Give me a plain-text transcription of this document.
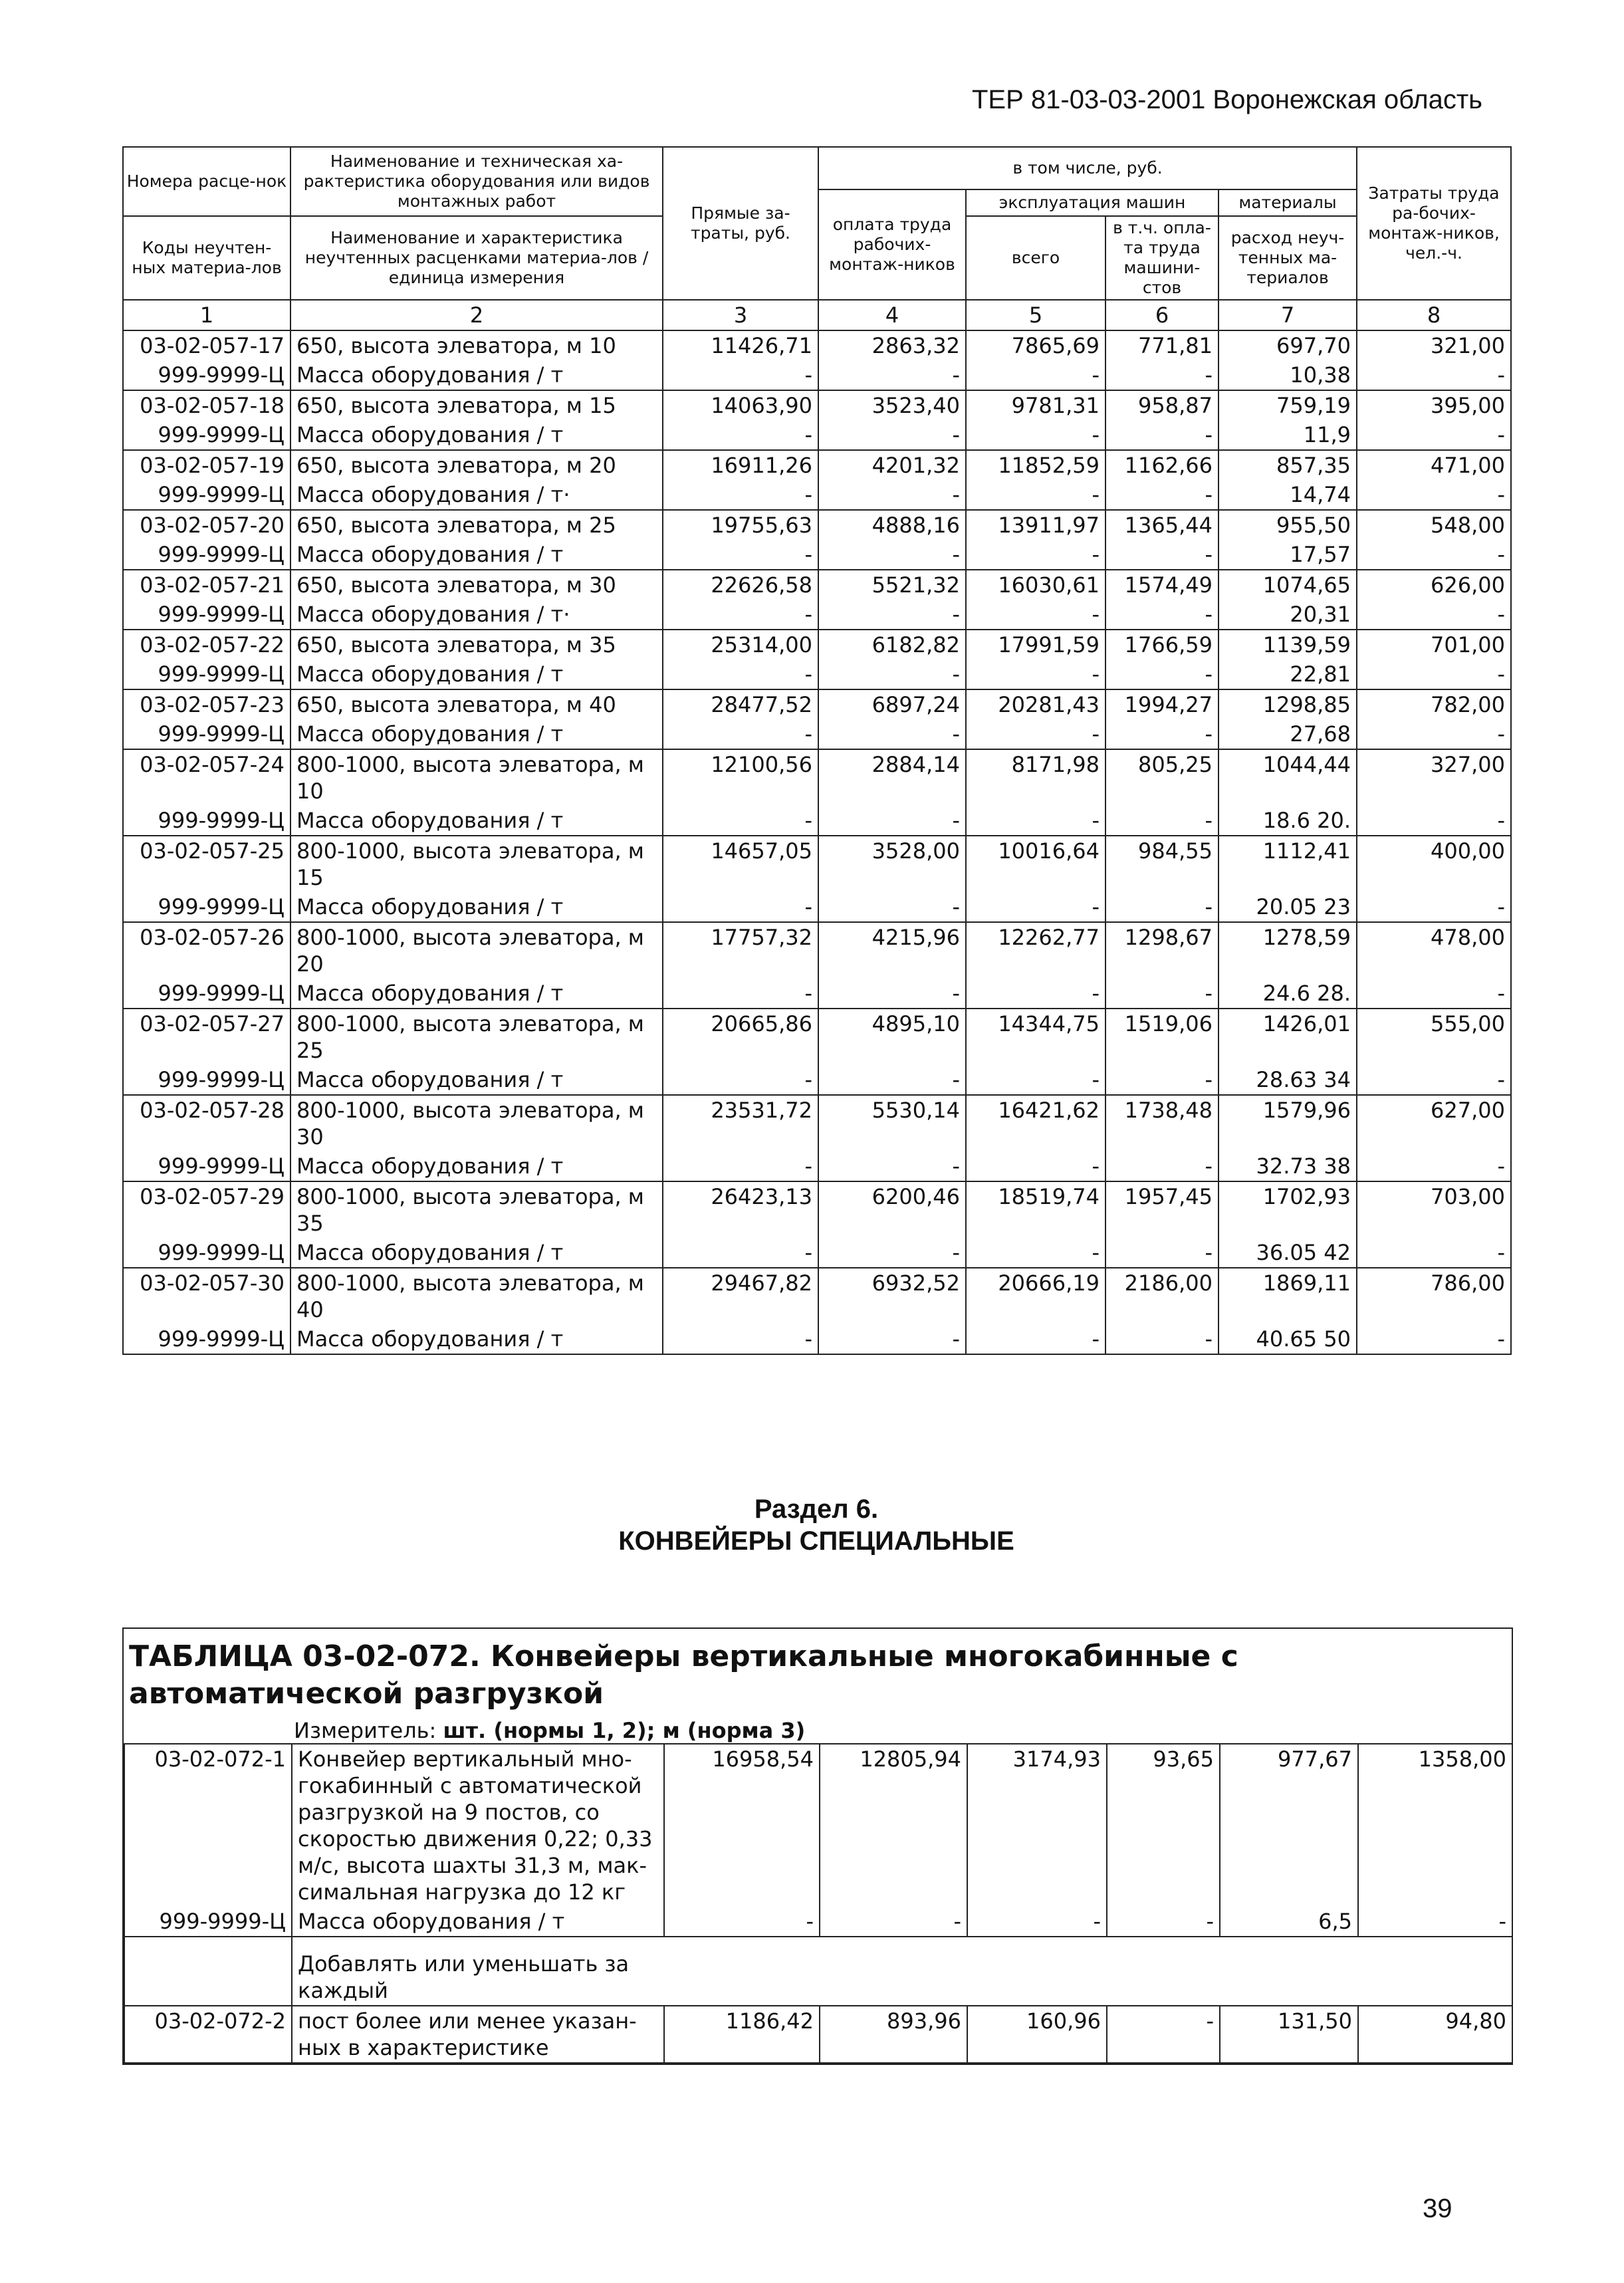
ТЕР 81-03-03-2001 Воронежская область
Номера расце-нок	Наименование и техническая ха-рактеристика оборудования или видов монтажных работ	Прямые за-траты, руб.	в том числе, руб.				Затраты труда ра-бочих-монтаж-ников, чел.-ч.
			оплата труда рабочих-монтаж-ников	эксплуатация машин		материалы	
Коды неучтен-ных материа-лов	Наименование и характеристика неучтенных расценками материа-лов / единица измерения			всего	в т.ч. опла-та труда машини-стов	расход неуч-тенных ма-териалов	

1	2	3	4	5	6	7	8
03-02-057-17	650, высота элеватора, м 10	11426,71	2863,32	7865,69	771,81	697,70	321,00
999-9999-Ц	Масса оборудования / т	-	-	-	-	10,38	-
03-02-057-18	650, высота элеватора, м 15	14063,90	3523,40	9781,31	958,87	759,19	395,00
999-9999-Ц	Масса оборудования / т	-	-	-	-	11,9	-
03-02-057-19	650, высота элеватора, м 20	16911,26	4201,32	11852,59	1162,66	857,35	471,00
999-9999-Ц	Масса оборудования / т·	-	-	-	-	14,74	-
03-02-057-20	650, высота элеватора, м 25	19755,63	4888,16	13911,97	1365,44	955,50	548,00
999-9999-Ц	Масса оборудования / т	-	-	-	-	17,57	-
03-02-057-21	650, высота элеватора, м 30	22626,58	5521,32	16030,61	1574,49	1074,65	626,00
999-9999-Ц	Масса оборудования / т·	-	-	-	-	20,31	-
03-02-057-22	650, высота элеватора, м 35	25314,00	6182,82	17991,59	1766,59	1139,59	701,00
999-9999-Ц	Масса оборудования / т	-	-	-	-	22,81	-
03-02-057-23	650, высота элеватора, м 40	28477,52	6897,24	20281,43	1994,27	1298,85	782,00
999-9999-Ц	Масса оборудования / т	-	-	-	-	27,68	-
03-02-057-24	800-1000, высота элеватора, м 10	12100,56	2884,14	8171,98	805,25	1044,44	327,00
999-9999-Ц	Масса оборудования / т	-	-	-	-	18.6 20.	-
03-02-057-25	800-1000, высота элеватора, м 15	14657,05	3528,00	10016,64	984,55	1112,41	400,00
999-9999-Ц	Масса оборудования / т	-	-	-	-	20.05 23	-
03-02-057-26	800-1000, высота элеватора, м 20	17757,32	4215,96	12262,77	1298,67	1278,59	478,00
999-9999-Ц	Масса оборудования / т	-	-	-	-	24.6 28.	-
03-02-057-27	800-1000, высота элеватора, м 25	20665,86	4895,10	14344,75	1519,06	1426,01	555,00
999-9999-Ц	Масса оборудования / т	-	-	-	-	28.63 34	-
03-02-057-28	800-1000, высота элеватора, м 30	23531,72	5530,14	16421,62	1738,48	1579,96	627,00
999-9999-Ц	Масса оборудования / т	-	-	-	-	32.73 38	-
03-02-057-29	800-1000, высота элеватора, м 35	26423,13	6200,46	18519,74	1957,45	1702,93	703,00
999-9999-Ц	Масса оборудования / т	-	-	-	-	36.05 42	-
03-02-057-30	800-1000, высота элеватора, м 40	29467,82	6932,52	20666,19	2186,00	1869,11	786,00
999-9999-Ц	Масса оборудования / т	-	-	-	-	40.65 50	-
Раздел 6.
КОНВЕЙЕРЫ СПЕЦИАЛЬНЫЕ
ТАБЛИЦА 03-02-072. Конвейеры вертикальные многокабинные с автоматической разгрузкой
Измеритель: шт. (нормы 1, 2); м (норма 3)
03-02-072-1	Конвейер вертикальный мно-гокабинный с автоматической разгрузкой на 9 постов, со скоростью движения 0,22; 0,33 м/с, высота шахты 31,3 м, мак-симальная нагрузка до 12 кг	16958,54	12805,94	3174,93	93,65	977,67	1358,00
999-9999-Ц	Масса оборудования / т	-	-	-	-	6,5	-
	Добавлять или уменьшать за каждый						
03-02-072-2	пост более или менее указан-ных в характеристике	1186,42	893,96	160,96	-	131,50	94,80
39
